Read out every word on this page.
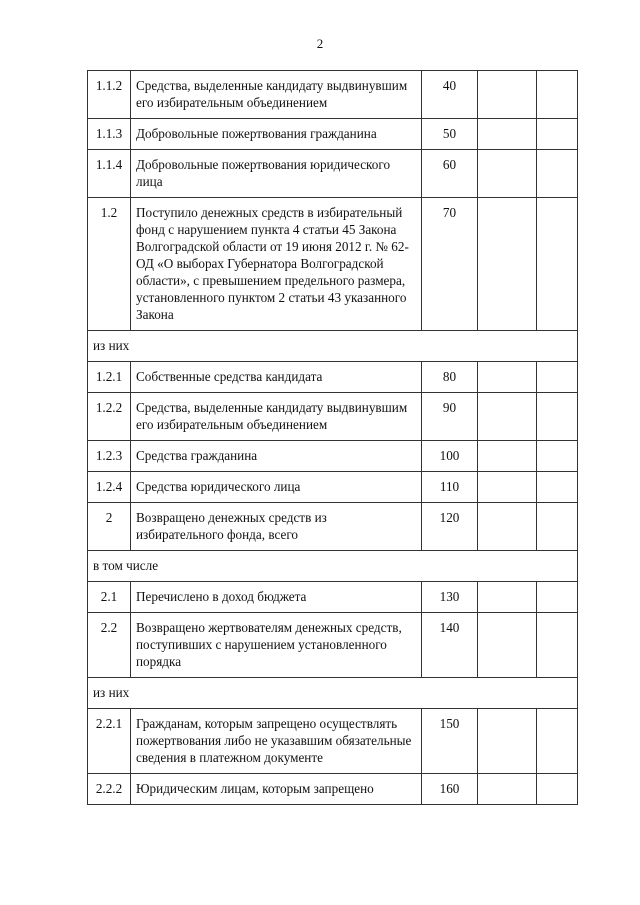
2
1.1.2	Средства, выделенные кандидату выдвинувшим его избирательным объединением	40		
1.1.3	Добровольные пожертвования гражданина	50		
1.1.4	Добровольные пожертвования юридического лица	60		
1.2	Поступило денежных средств в избирательный фонд с нарушением пункта 4 статьи 45 Закона Волгоградской области от 19 июня 2012 г. № 62-ОД «О выборах Губернатора Волгоградской области», с превышением предельного размера, установленного пунктом 2 статьи 43 указанного Закона	70		
из них				
1.2.1	Собственные средства кандидата	80		
1.2.2	Средства, выделенные кандидату выдвинувшим его избирательным объединением	90		
1.2.3	Средства гражданина	100		
1.2.4	Средства юридического лица	110		
2	Возвращено денежных средств из избирательного фонда, всего	120		
в том числе				
2.1	Перечислено в доход бюджета	130		
2.2	Возвращено жертвователям денежных средств, поступивших с нарушением установленного порядка	140		
из них				
2.2.1	Гражданам, которым запрещено осуществлять пожертвования либо не указавшим обязательные сведения в платежном документе	150		
2.2.2	Юридическим лицам, которым запрещено	160		
